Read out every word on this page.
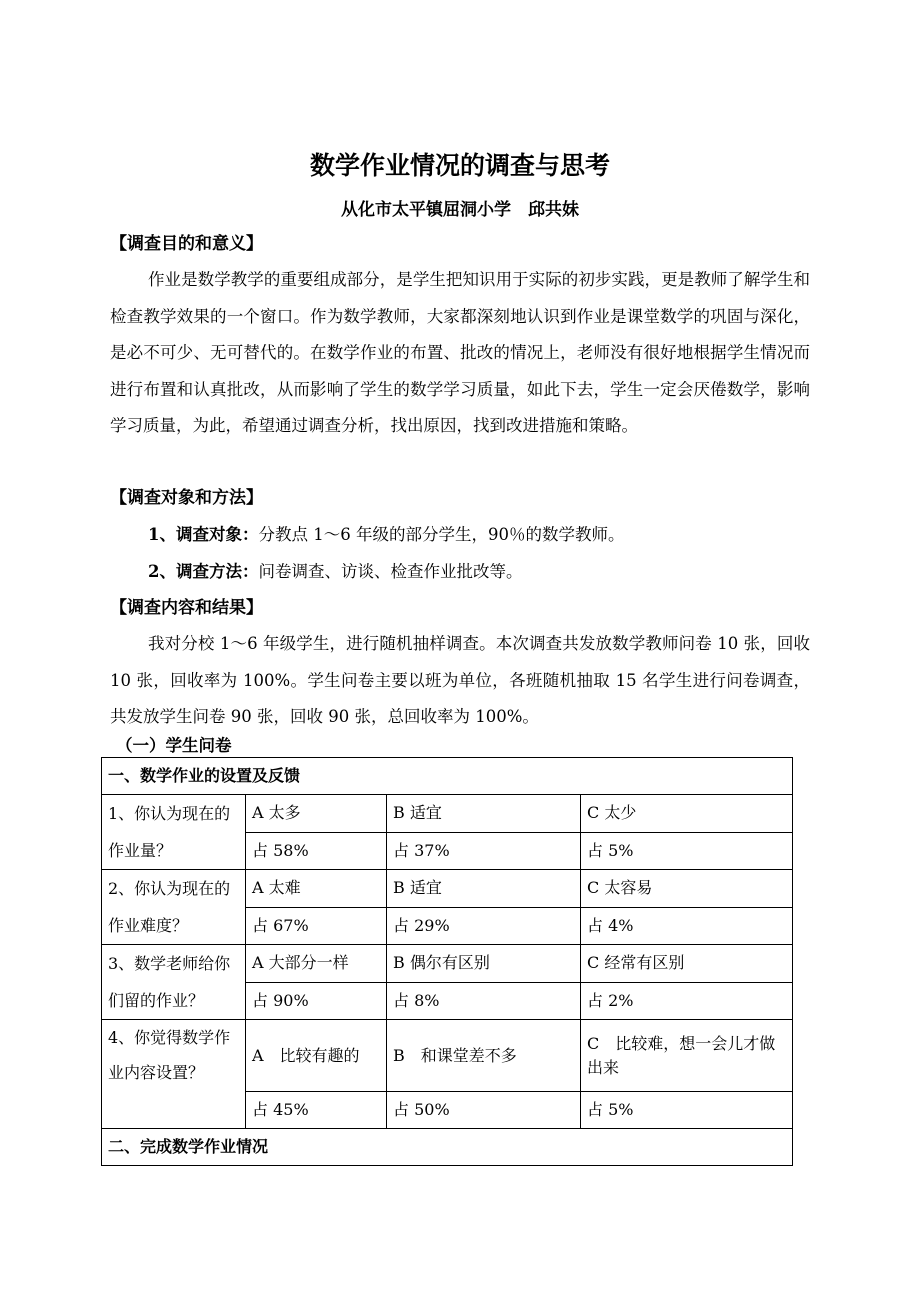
数学作业情况的调查与思考
从化市太平镇屈洞小学　邱共妹
【调查目的和意义】
作业是数学教学的重要组成部分，是学生把知识用于实际的初步实践，更是教师了解学生和检查教学效果的一个窗口。作为数学教师，大家都深刻地认识到作业是课堂数学的巩固与深化，是必不可少、无可替代的。在数学作业的布置、批改的情况上，老师没有很好地根据学生情况而进行布置和认真批改，从而影响了学生的数学学习质量，如此下去，学生一定会厌倦数学，影响学习质量，为此，希望通过调查分析，找出原因，找到改进措施和策略。
【调查对象和方法】
1、调查对象：分教点 1～6 年级的部分学生，90％的数学教师。
2、调查方法：问卷调查、访谈、检查作业批改等。
【调查内容和结果】
我对分校 1～6 年级学生，进行随机抽样调查。本次调查共发放数学教师问卷 10 张，回收 10 张，回收率为 100%。学生问卷主要以班为单位，各班随机抽取 15 名学生进行问卷调查，共发放学生问卷 90 张，回收 90 张，总回收率为 100%。
（一）学生问卷
一、数学作业的设置及反馈			
1、你认为现在的作业量？	A 太多	B 适宜	C 太少
	占 58%	占 37%	占 5%
2、你认为现在的作业难度？	A 太难	B 适宜	C 太容易
	占 67%	占 29%	占 4%
3、数学老师给你们留的作业？	A 大部分一样	B 偶尔有区别	C 经常有区别
	占 90%	占 8%	占 2%
4、你觉得数学作业内容设置？	A　比较有趣的	B　和课堂差不多	C　比较难，想一会儿才做出来
	占 45%	占 50%	占 5%
二、完成数学作业情况			
